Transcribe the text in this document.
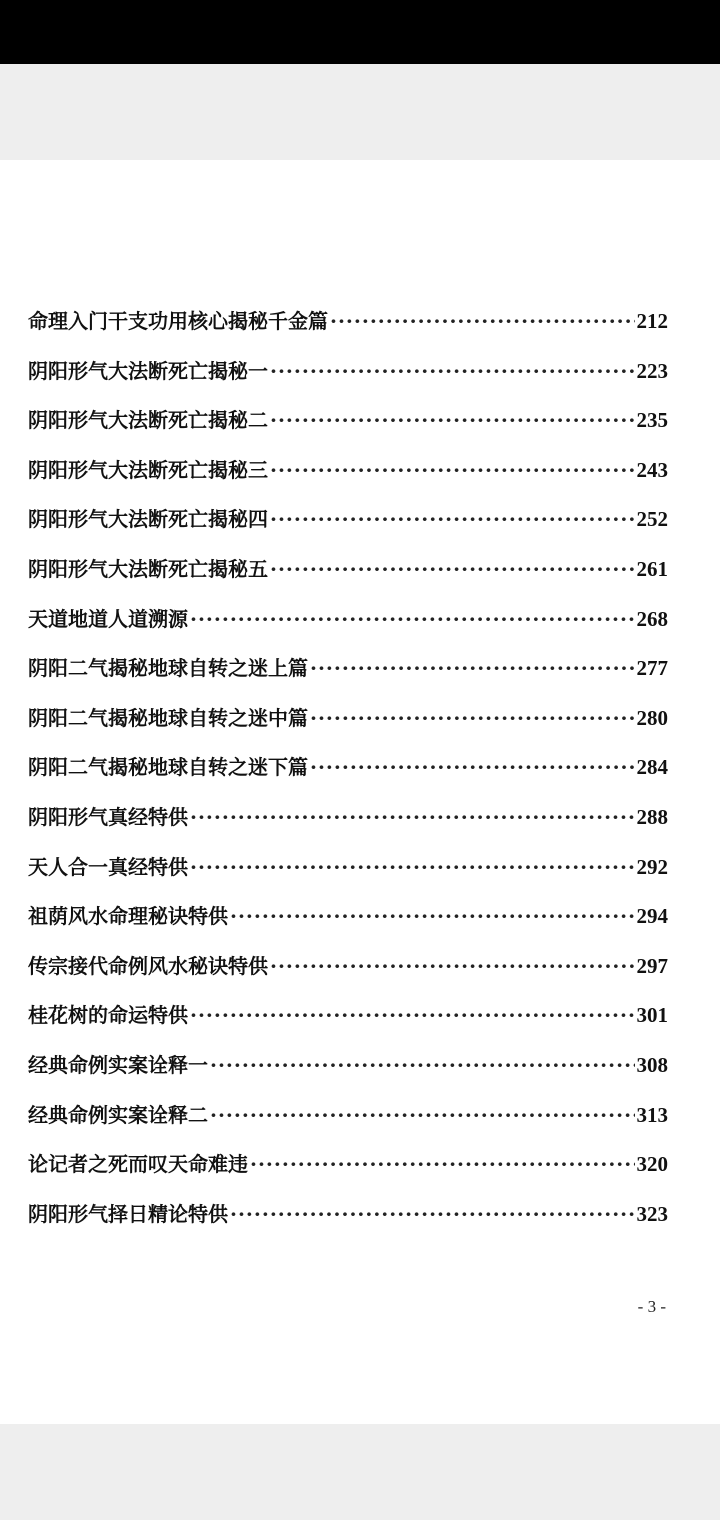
命理入门干支功用核心揭秘千金篇 ·····	212
阴阳形气大法断死亡揭秘一 ·····	223
阴阳形气大法断死亡揭秘二 ·····	235
阴阳形气大法断死亡揭秘三 ·····	243
阴阳形气大法断死亡揭秘四 ·····	252
阴阳形气大法断死亡揭秘五 ·····	261
天道地道人道溯源 ·····	268
阴阳二气揭秘地球自转之迷上篇 ·····	277
阴阳二气揭秘地球自转之迷中篇 ·····	280
阴阳二气揭秘地球自转之迷下篇 ·····	284
阴阳形气真经特供 ·····	288
天人合一真经特供 ·····	292
祖荫风水命理秘诀特供 ·····	294
传宗接代命例风水秘诀特供 ·····	297
桂花树的命运特供 ·····	301
经典命例实案诠释一 ·····	308
经典命例实案诠释二 ·····	313
论记者之死而叹天命难违 ·····	320
阴阳形气择日精论特供 ·····	323
- 3 -
